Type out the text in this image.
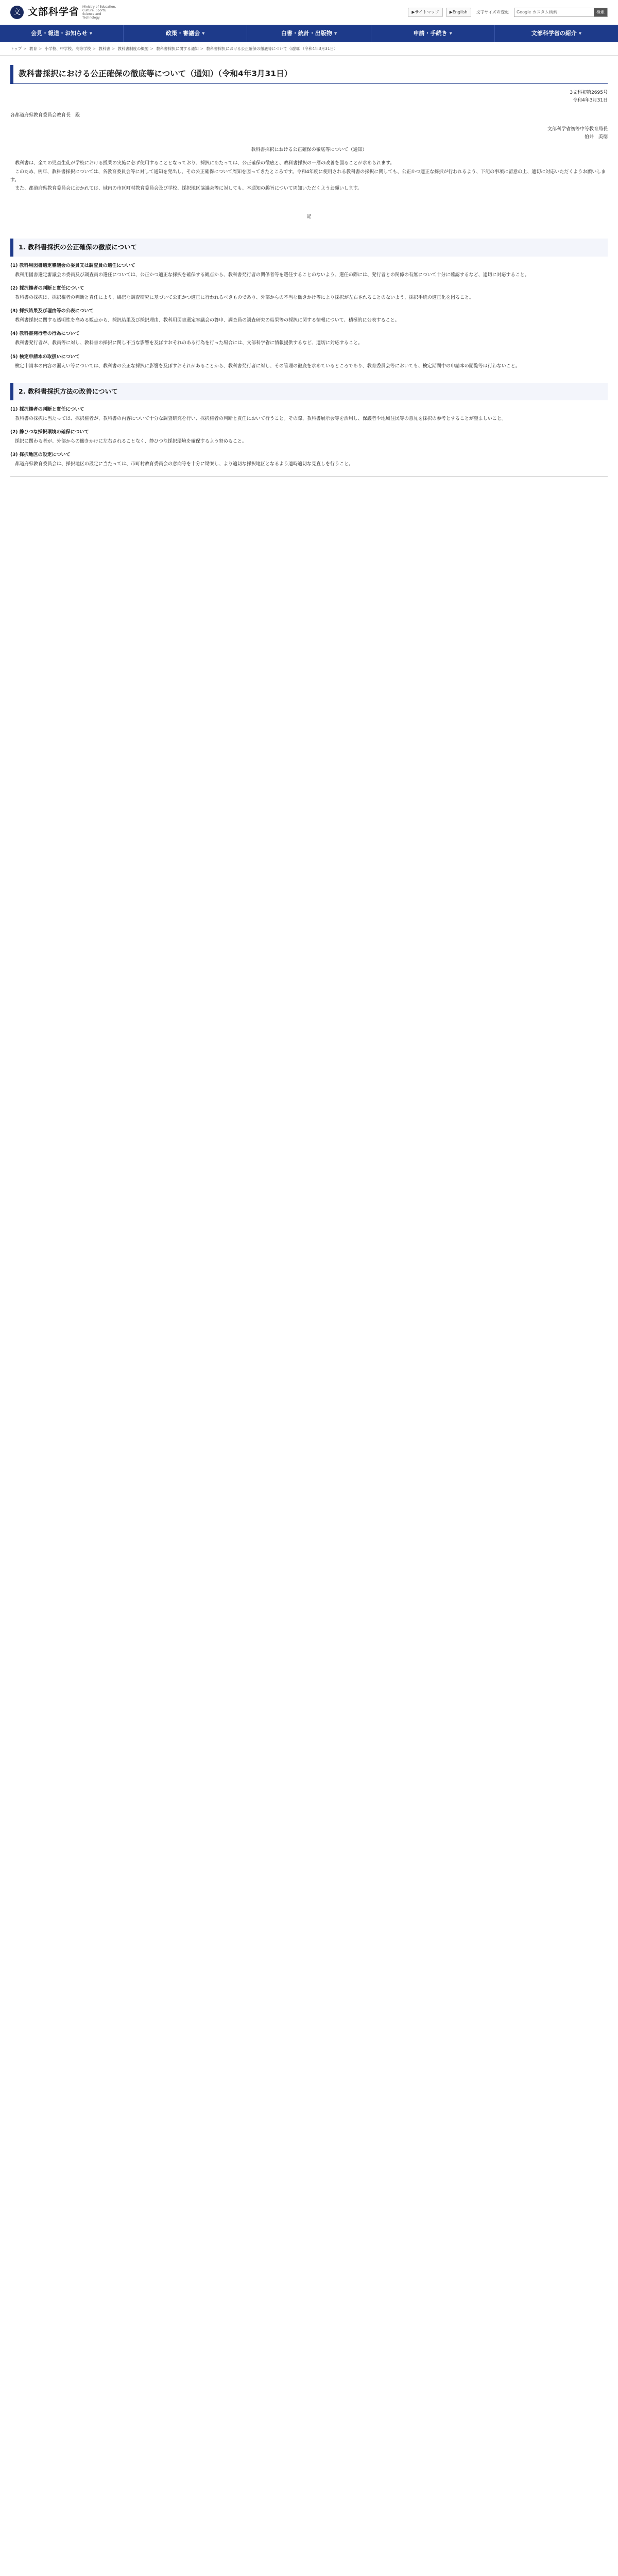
文 文部科学省 Ministry of Education, Culture, Sports, Science and Technology
▶サイトマップ	▶English	文字サイズの変更	Google カスタム検索	検索
会見・報道・お知らせ ▼	政策・審議会 ▼	白書・統計・出版物 ▼	申請・手続き ▼	文部科学省の紹介 ▼
トップ > 教育 > 小学校、中学校、高等学校 > 教科書 > 教科書制度の概要 > 教科書採択に関する通知 > 教科書採択における公正確保の徹底等について（通知）（令和4年3月31日）
教科書採択における公正確保の徹底等について（通知）（令和4年3月31日）
3文科初第2695号
令和4年3月31日
各都道府県教育委員会教育長　殿
文部科学省初等中等教育局長
伯井　美徳
教科書採択における公正確保の徹底等について（通知）

教科書は、全ての児童生徒が学校における授業の実施に必ず使用することとなっており、採択にあたっては、公正確保の徹底と、教科書採択の一層の改善を図ることが求められます。

このため、例年、教科書採択については、各教育委員会等に対して通知を発出し、その公正確保について周知を図ってきたところです。令和4年度に使用される教科書の採択に関しても、公正かつ適正な採択が行われるよう、下記の事項に留意の上、適切に対応いただくようお願いします。

また、都道府県教育委員会におかれては、域内の市区町村教育委員会及び学校、採択地区協議会等に対しても、本通知の趣旨について周知いただくようお願いします。

記
1. 教科書採択の公正確保の徹底について
(1) 教科用図書選定審議会の委員又は調査員の選任について

教科用図書選定審議会の委員及び調査員の選任については、公正かつ適正な採択を確保する観点から、教科書発行者の関係者等を選任することのないよう、選任の際には、発行者との関係の有無について十分に確認するなど、適切に対応すること。

(2) 採択権者の判断と責任について

教科書の採択は、採択権者の判断と責任により、綿密な調査研究に基づいて公正かつ適正に行われるべきものであり、外部からの不当な働きかけ等により採択が左右されることのないよう、採択手続の適正化を図ること。

(3) 採択結果及び理由等の公表について

教科書採択に関する透明性を高める観点から、採択結果及び採択理由、教科用図書選定審議会の答申、調査員の調査研究の結果等の採択に関する情報について、積極的に公表すること。

(4) 教科書発行者の行為について

教科書発行者が、教員等に対し、教科書の採択に関し不当な影響を及ぼすおそれのある行為を行った場合には、文部科学省に情報提供するなど、適切に対応すること。

(5) 検定申請本の取扱いについて

検定申請本の内容の漏えい等については、教科書の公正な採択に影響を及ぼすおそれがあることから、教科書発行者に対し、その管理の徹底を求めているところであり、教育委員会等においても、検定期間中の申請本の閲覧等は行わないこと。

2. 教科書採択方法の改善について
(1) 採択権者の判断と責任について

教科書の採択に当たっては、採択権者が、教科書の内容について十分な調査研究を行い、採択権者の判断と責任において行うこと。その際、教科書展示会等を活用し、保護者や地域住民等の意見を採択の参考とすることが望ましいこと。

(2) 静ひつな採択環境の確保について

採択に関わる者が、外部からの働きかけに左右されることなく、静ひつな採択環境を確保するよう努めること。

(3) 採択地区の設定について

都道府県教育委員会は、採択地区の設定に当たっては、市町村教育委員会の意向等を十分に勘案し、より適切な採択地区となるよう適時適切な見直しを行うこと。
